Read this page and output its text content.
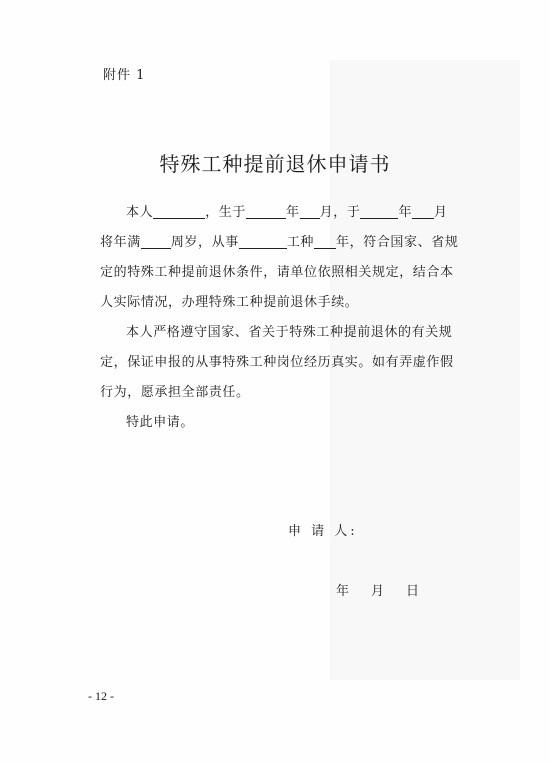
附件 1
特殊工种提前退休申请书

本人	，生于	年 月，于	年 月

将年满 周岁，从事	工种 年，符合国家、省规

定的特殊工种提前退休条件，请单位依照相关规定，结合本

人实际情况，办理特殊工种提前退休手续。

本人严格遵守国家、省关于特殊工种提前退休的有关规

定，保证申报的从事特殊工种岗位经历真实。如有弄虚作假

行为，愿承担全部责任。

特此申请。

申 请 人:
年 月 日
- 12 -
